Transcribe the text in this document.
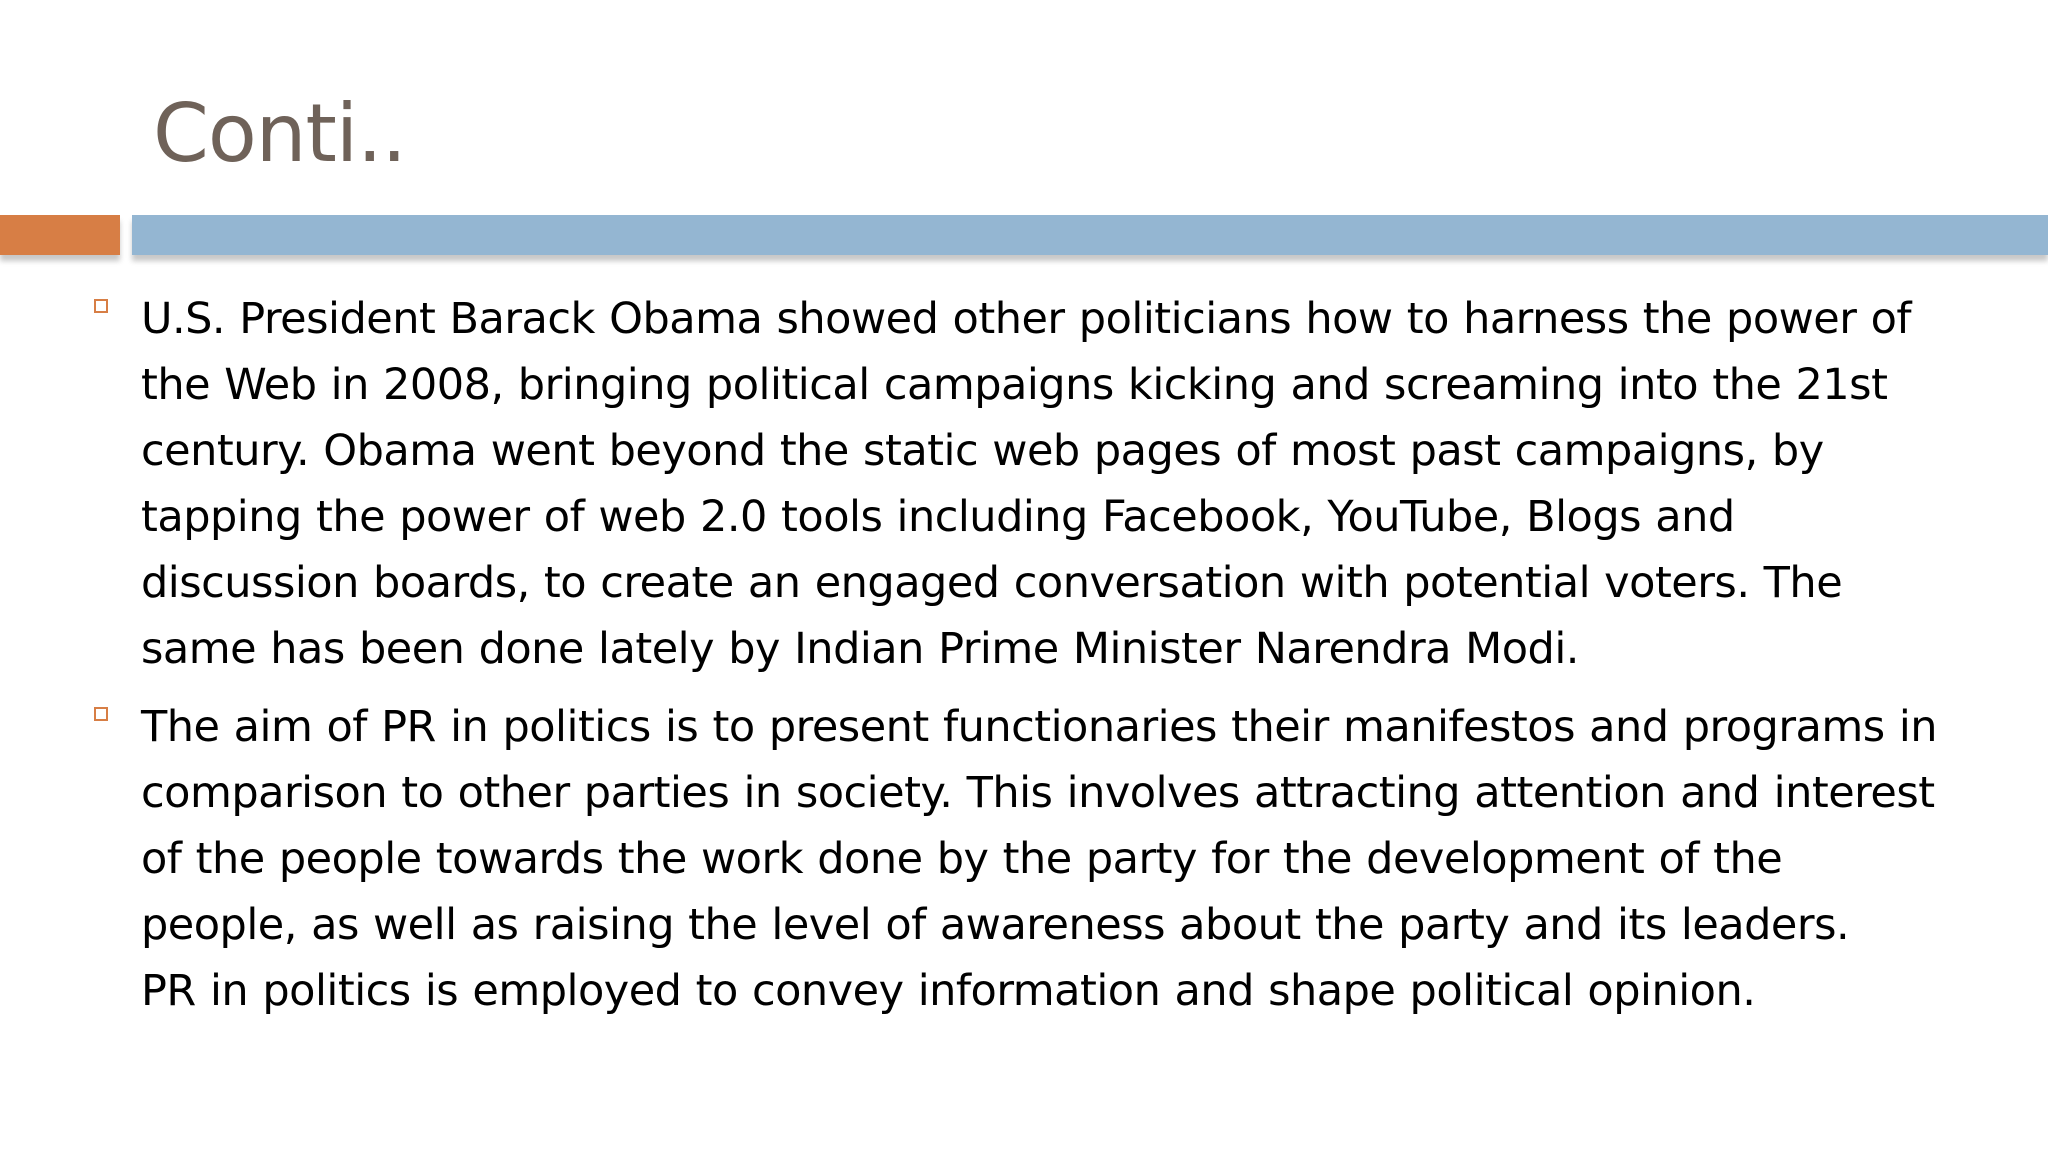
Conti..
U.S. President Barack Obama showed other politicians how to harness the power of
the Web in 2008, bringing political campaigns kicking and screaming into the 21st
century. Obama went beyond the static web pages of most past campaigns, by
tapping the power of web 2.0 tools including Facebook, YouTube, Blogs and
discussion boards, to create an engaged conversation with potential voters. The
same has been done lately by Indian Prime Minister Narendra Modi.
The aim of PR in politics is to present functionaries their manifestos and programs in
comparison to other parties in society. This involves attracting attention and interest
of the people towards the work done by the party for the development of the
people, as well as raising the level of awareness about the party and its leaders.
PR in politics is employed to convey information and shape political opinion.
